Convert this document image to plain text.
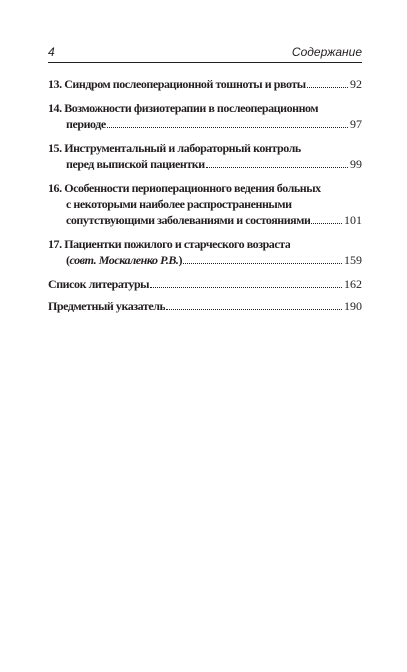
4	Содержание
13. Синдром послеоперационной тошноты и рвоты	92
14. Возможности физиотерапии в послеоперационном
периоде	97
15. Инструментальный и лабораторный контроль
перед выпиской пациентки	99
16. Особенности периоперационного ведения больных
с некоторыми наиболее распространенными
сопутствующими заболеваниями и состояниями	101
17. Пациентки пожилого и старческого возраста
(совт. Москаленко Р.В.)	159
Список литературы	162
Предметный указатель	190
